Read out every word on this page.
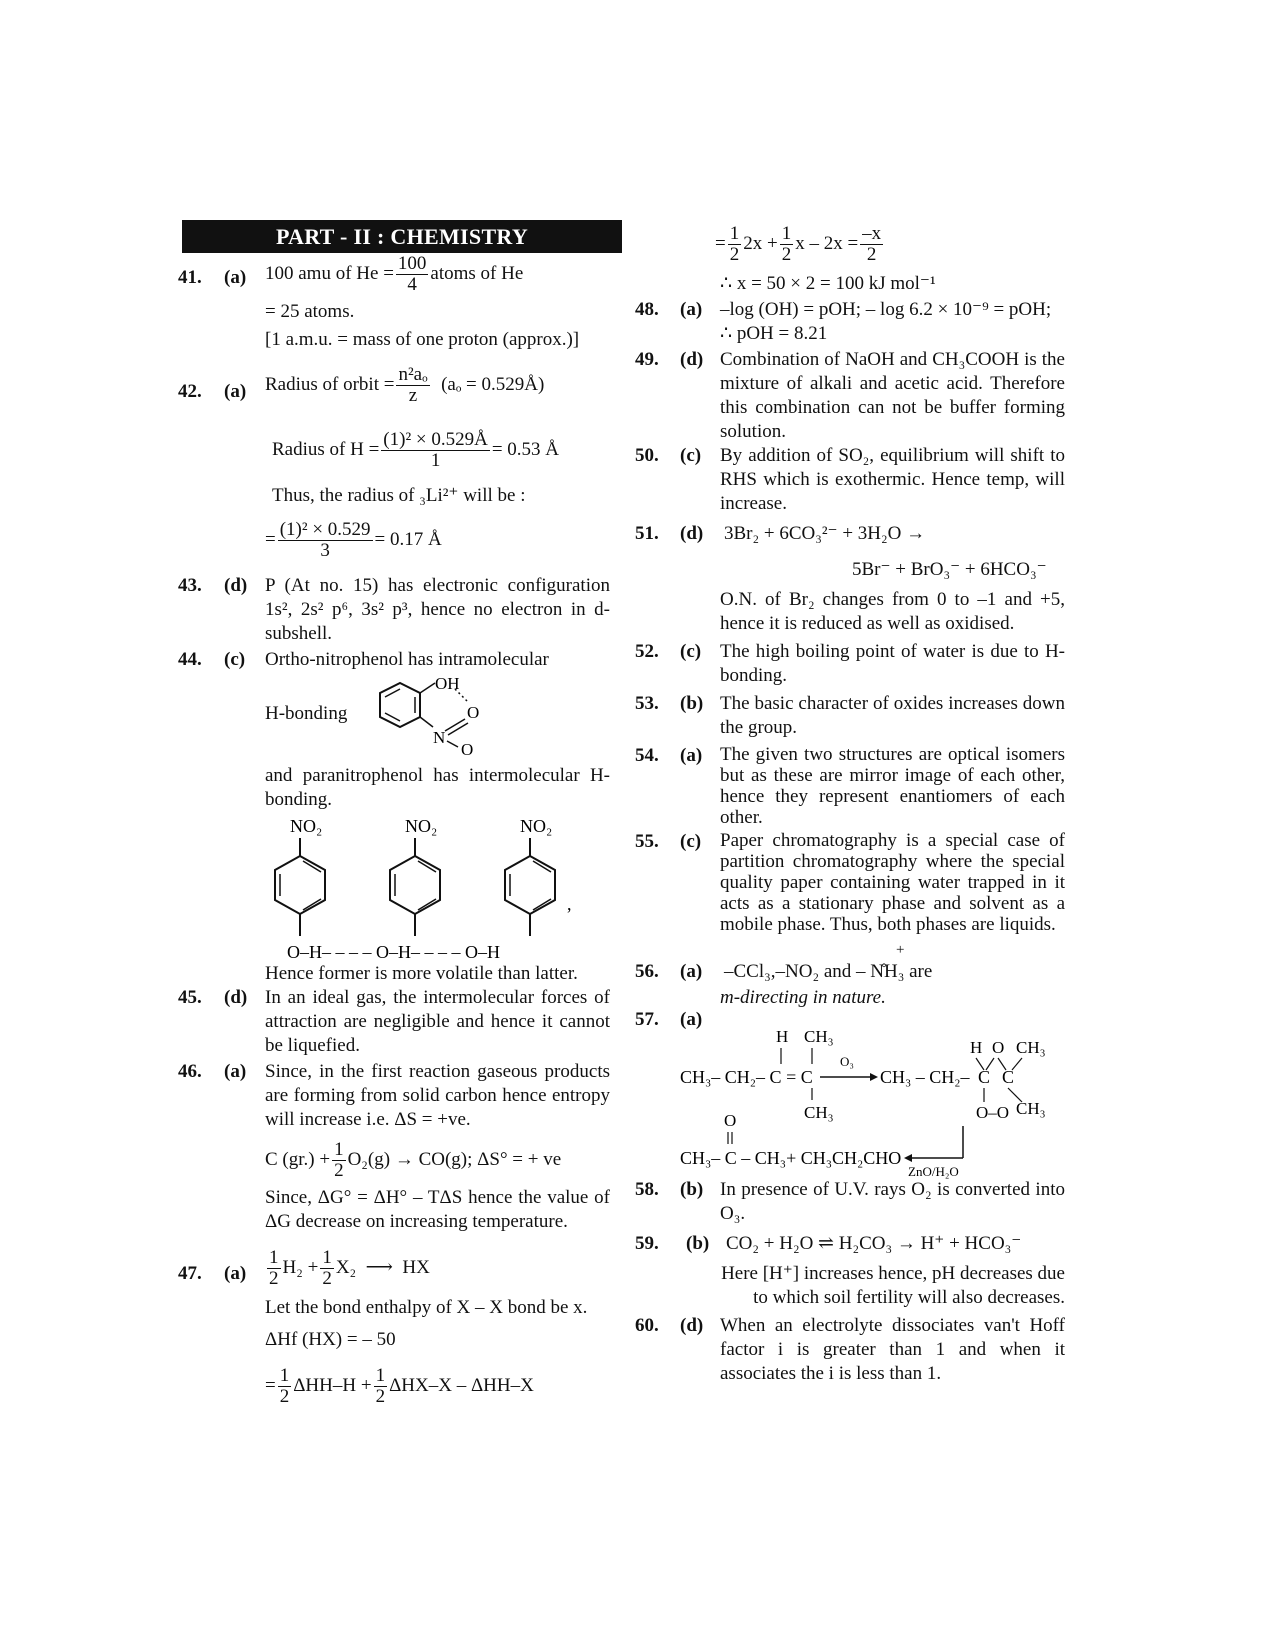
PART - II : CHEMISTRY
41. (a) 100 amu of $He = \frac{100}{4}$ atoms of He
= 25 atoms.
[1 a.m.u. = mass of one proton (approx.)]
42. (a) Radius of orbit = $\frac{\text{n²aₒ}}{z} (a_o$ = 0.529Å)
Radius of $H = \frac{\text{(1)² × 0.529Å}}{1} = 0.53$ Å
Thus, the radius of ₃Li²⁺ will be :
= $\frac{\text{(1)² × 0.529}}{3} = 0.17$ Å
43. (d) P (At no. 15) has electronic configuration 1s², 2s² p⁶, 3s² p³, hence no electron in d-subshell.
44. (c) Ortho-nitrophenol has intramolecular
H-bonding
OH
O
N
O
and paranitrophenol has intermolecular H-bonding.
NO₂	NO₂	NO₂
,
O–H– – – – O–H– – – – O–H
Hence former is more volatile than latter.
45. (d) In an ideal gas, the intermolecular forces of attraction are negligible and hence it cannot be liquefied.
46. (a) Since, in the first reaction gaseous products are forming from solid carbon hence entropy will increase i.e. ΔS = +ve.
C $(gr.) + \frac{1}{2} O_2(g) \to CO(g)$; ΔS° = + ve
Since, ΔG° = ΔH° – TΔS hence the value of ΔG decrease on increasing temperature.
47. $(a) \frac{1}{2} H_2 + \frac{1}{2} X_2$ ⟶ HX
Let the bond enthalpy of X – X bond be x.
ΔHf (HX) = – 50
= $\frac{1}{2} \Delta HH-H + \frac{1}{2} \Delta HX-X - \Delta HH-X$
= $\frac{1}{2} 2x + \frac{1}{2}$ $x - 2x = \frac{-x}{2}$
∴ x = 50 × 2 = 100 kJ mol⁻¹
48. (a) –log (OH) = pOH; – log 6.2 × 10⁻⁹ = pOH;
∴ pOH = 8.21
49. (d) Combination of NaOH and CH₃COOH is the mixture of alkali and acetic acid. Therefore this combination can not be buffer forming solution.
50. (c) By addition of SO₂, equilibrium will shift to RHS which is exothermic. Hence temp, will increase.
51. (d) 3Br₂ + 6CO₃²⁻ + 3H₂O →
5Br⁻ + BrO₃⁻ + 6HCO₃⁻
O.N. of Br₂ changes from 0 to –1 and +5, hence it is reduced as well as oxidised.
52. (c) The high boiling point of water is due to H-bonding.
53. (b) The basic character of oxides increases down the group.
54. (a) The given two structures are optical isomers but as these are mirror image of each other, hence they represent enantiomers of each other.
55. (c) Paper chromatography is a special case of partition chromatography where the special quality paper containing water trapped in it acts as a stationary phase and solvent as a mobile phase. Thus, both phases are liquids.
56. (a)
+
–CCl₃,–NO₂ and – N̊H₃ are
m-directing in nature.
57. (a)
H CH₃
CH₃– CH₂– C = C
O₃
CH₃
CH₃ – CH₂–
H O CH₃
C C
O–O CH₃
ZnO/H₂O
O
CH₃– C – CH₃+ CH₃CH₂CHO
58. (b) In presence of U.V. rays O₂ is converted into O₃.
59. (b) CO₂ + H₂O ⇌ H₂CO₃ → H⁺ + HCO₃⁻
Here [H⁺] increases hence, pH decreases due to which soil fertility will also decreases.
60. (d) When an electrolyte dissociates van't Hoff factor i is greater than 1 and when it associates the i is less than 1.
